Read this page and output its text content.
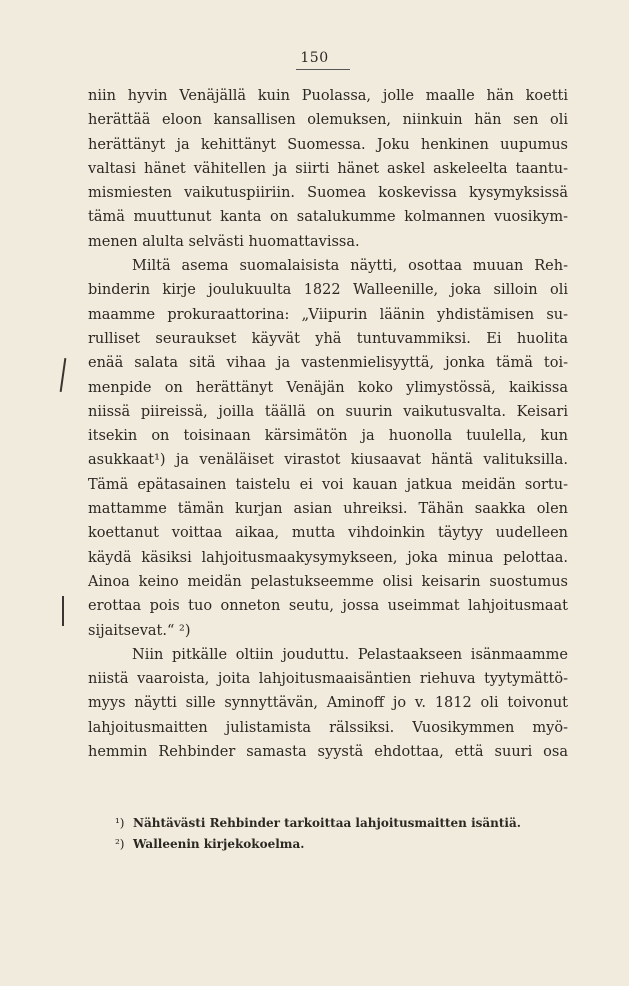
150
niin hyvin Venäjällä kuin Puolassa, jolle maalle hän koetti
herättää eloon kansallisen olemuksen, niinkuin hän sen oli
herättänyt ja kehittänyt Suomessa. Joku henkinen uupumus
valtasi hänet vähitellen ja siirti hänet askel askeleelta taantu-
mismiesten vaikutuspiiriin. Suomea koskevissa kysymyksissä
tämä muuttunut kanta on satalukumme kolmannen vuosikym-
menen alulta selvästi huomattavissa.
Miltä asema suomalaisista näytti, osottaa muuan Reh-
binderin kirje joulukuulta 1822 Walleenille, joka silloin oli
maamme prokuraattorina: „Viipurin läänin yhdistämisen su-
rulliset seuraukset käyvät yhä tuntuvammiksi. Ei huolita
enää salata sitä vihaa ja vastenmielisyyttä, jonka tämä toi-
menpide on herättänyt Venäjän koko ylimystössä, kaikissa
niissä piireissä, joilla täällä on suurin vaikutusvalta. Keisari
itsekin on toisinaan kärsimätön ja huonolla tuulella, kun
asukkaat¹) ja venäläiset virastot kiusaavat häntä valituksilla.
Tämä epätasainen taistelu ei voi kauan jatkua meidän sortu-
mattamme tämän kurjan asian uhreiksi. Tähän saakka olen
koettanut voittaa aikaa, mutta vihdoinkin täytyy uudelleen
käydä käsiksi lahjoitusmaakysymykseen, joka minua pelottaa.
Ainoa keino meidän pelastukseemme olisi keisarin suostumus
erottaa pois tuo onneton seutu, jossa useimmat lahjoitusmaat
sijaitsevat.“ ²)
Niin pitkälle oltiin jouduttu. Pelastaakseen isänmaamme
niistä vaaroista, joita lahjoitusmaaisäntien riehuva tyytymättö-
myys näytti sille synnyttävän, Aminoff jo v. 1812 oli toivonut
lahjoitusmaitten julistamista rälssiksi. Vuosikymmen myö-
hemmin Rehbinder samasta syystä ehdottaa, että suuri osa
¹) Nähtävästi Rehbinder tarkoittaa lahjoitusmaitten isäntiä.
²) Walleenin kirjekokoelma.
